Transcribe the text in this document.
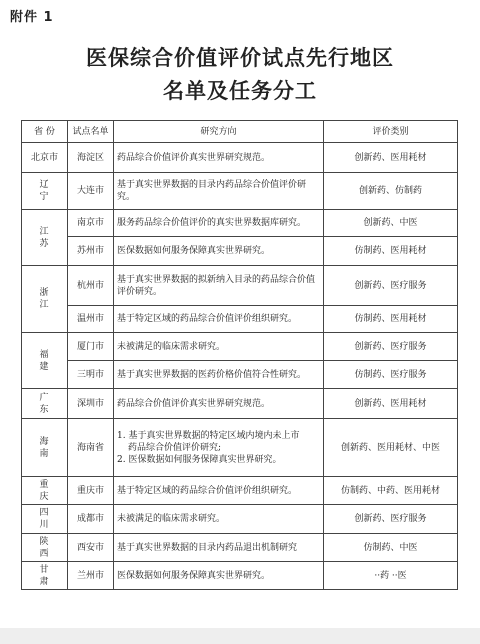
附件 1
医保综合价值评价试点先行地区
名单及任务分工
省 份	试点名单	研究方向	评价类别
北京市	海淀区	药品综合价值评价真实世界研究规范。	创新药、医用耗材
辽 宁	大连市	基于真实世界数据的目录内药品综合价值评价研究。	创新药、仿制药
江 苏	南京市	服务药品综合价值评价的真实世界数据库研究。	创新药、中医
	苏州市	医保数据如何服务保障真实世界研究。	仿制药、医用耗材
浙 江	杭州市	基于真实世界数据的拟新纳入目录的药品综合价值评价研究。	创新药、医疗服务
	温州市	基于特定区域的药品综合价值评价组织研究。	仿制药、医用耗材
福 建	厦门市	未被满足的临床需求研究。	创新药、医疗服务
	三明市	基于真实世界数据的医药价格价值符合性研究。	仿制药、医疗服务
广 东	深圳市	药品综合价值评价真实世界研究规范。	创新药、医用耗材
海 南	海南省	1. 基于真实世界数据的特定区域内境内未上市
药品综合价值评价研究;
2. 医保数据如何服务保障真实世界研究。	创新药、医用耗材、中医
重 庆	重庆市	基于特定区域的药品综合价值评价组织研究。	仿制药、中药、医用耗材
四 川	成都市	未被满足的临床需求研究。	创新药、医疗服务
陕 西	西安市	基于真实世界数据的目录内药品退出机制研究	仿制药、中医
甘 肃	兰州市	医保数据如何服务保障真实世界研究。	··药 ··医
